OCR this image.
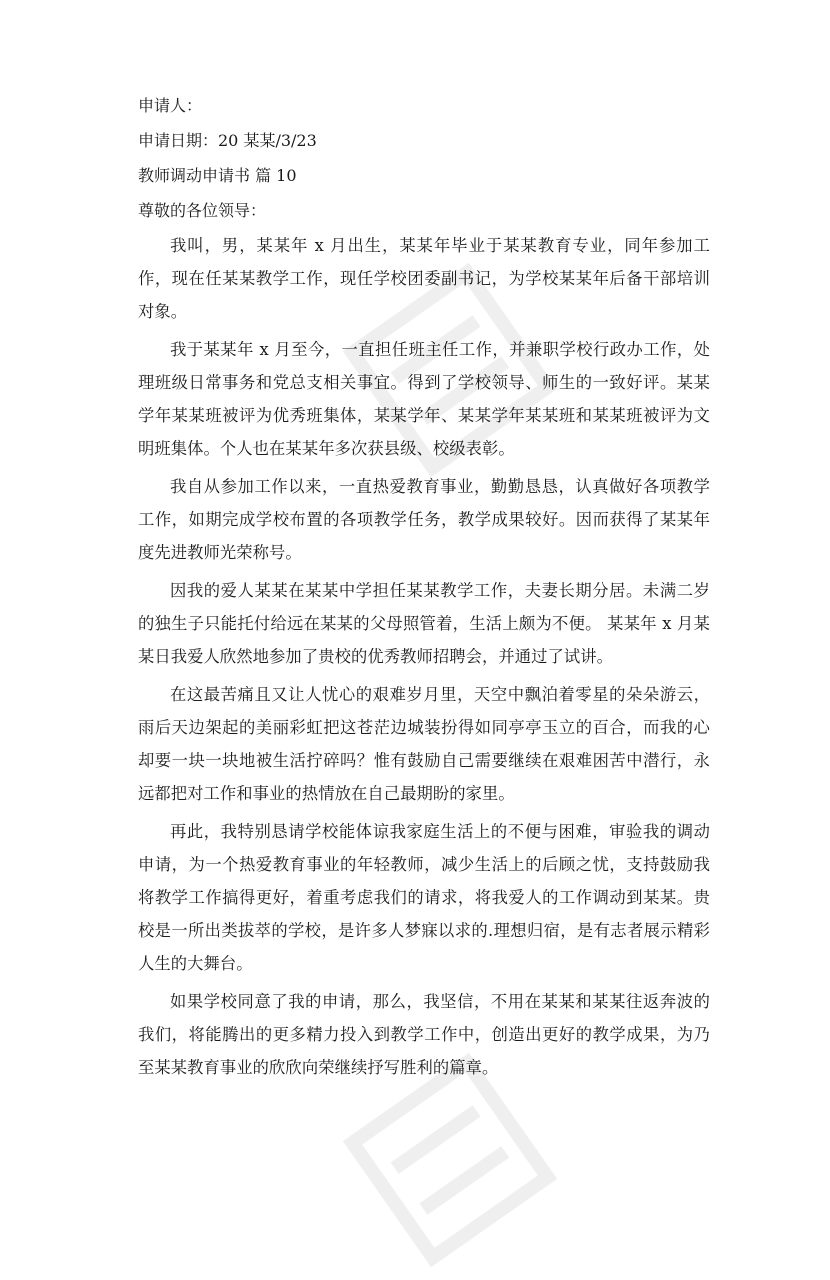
申请人：

申请日期：20 某某/3/23

教师调动申请书 篇 10

尊敬的各位领导：

我叫，男，某某年 x 月出生，某某年毕业于某某教育专业，同年参加工作，现在任某某教学工作，现任学校团委副书记，为学校某某年后备干部培训对象。

我于某某年 x 月至今，一直担任班主任工作，并兼职学校行政办工作，处理班级日常事务和党总支相关事宜。得到了学校领导、师生的一致好评。某某学年某某班被评为优秀班集体，某某学年、某某学年某某班和某某班被评为文明班集体。个人也在某某年多次获县级、校级表彰。

我自从参加工作以来，一直热爱教育事业，勤勤恳恳，认真做好各项教学工作，如期完成学校布置的各项教学任务，教学成果较好。因而获得了某某年度先进教师光荣称号。

因我的爱人某某在某某中学担任某某教学工作，夫妻长期分居。未满二岁的独生子只能托付给远在某某的父母照管着，生活上颇为不便。 某某年 x 月某某日我爱人欣然地参加了贵校的优秀教师招聘会，并通过了试讲。

在这最苦痛且又让人忧心的艰难岁月里，天空中飘泊着零星的朵朵游云，雨后天边架起的美丽彩虹把这苍茫边城装扮得如同亭亭玉立的百合，而我的心却要一块一块地被生活拧碎吗？惟有鼓励自己需要继续在艰难困苦中潜行，永远都把对工作和事业的热情放在自己最期盼的家里。

再此，我特别恳请学校能体谅我家庭生活上的不便与困难，审验我的调动申请，为一个热爱教育事业的年轻教师，减少生活上的后顾之忧，支持鼓励我将教学工作搞得更好，着重考虑我们的请求，将我爱人的工作调动到某某。贵校是一所出类拔萃的学校，是许多人梦寐以求的.理想归宿，是有志者展示精彩人生的大舞台。

如果学校同意了我的申请，那么，我坚信，不用在某某和某某往返奔波的我们，将能腾出的更多精力投入到教学工作中，创造出更好的教学成果，为乃至某某教育事业的欣欣向荣继续抒写胜利的篇章。
